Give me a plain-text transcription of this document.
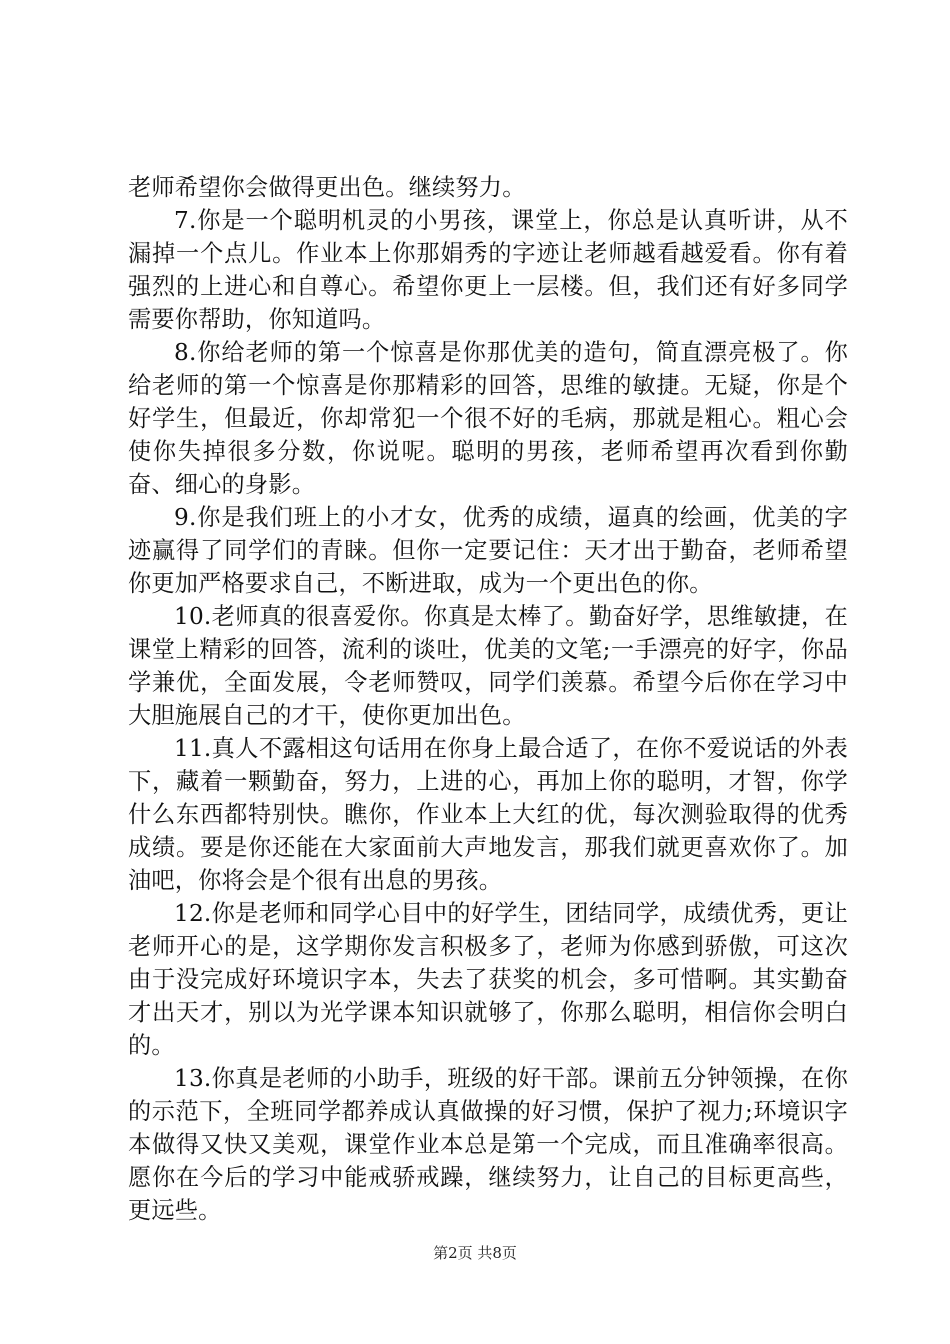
老师希望你会做得更出色。继续努力。

7.你是一个聪明机灵的小男孩，课堂上，你总是认真听讲，从不漏掉一个点儿。作业本上你那娟秀的字迹让老师越看越爱看。你有着强烈的上进心和自尊心。希望你更上一层楼。但，我们还有好多同学需要你帮助，你知道吗。

8.你给老师的第一个惊喜是你那优美的造句，简直漂亮极了。你给老师的第一个惊喜是你那精彩的回答，思维的敏捷。无疑，你是个好学生，但最近，你却常犯一个很不好的毛病，那就是粗心。粗心会使你失掉很多分数，你说呢。聪明的男孩，老师希望再次看到你勤奋、细心的身影。

9.你是我们班上的小才女，优秀的成绩，逼真的绘画，优美的字迹赢得了同学们的青睐。但你一定要记住：天才出于勤奋，老师希望你更加严格要求自己，不断进取，成为一个更出色的你。

10.老师真的很喜爱你。你真是太棒了。勤奋好学，思维敏捷，在课堂上精彩的回答，流利的谈吐，优美的文笔;一手漂亮的好字，你品学兼优，全面发展，令老师赞叹，同学们羡慕。希望今后你在学习中大胆施展自己的才干，使你更加出色。

11.真人不露相这句话用在你身上最合适了，在你不爱说话的外表下，藏着一颗勤奋，努力，上进的心，再加上你的聪明，才智，你学什么东西都特别快。瞧你，作业本上大红的优，每次测验取得的优秀成绩。要是你还能在大家面前大声地发言，那我们就更喜欢你了。加油吧，你将会是个很有出息的男孩。

12.你是老师和同学心目中的好学生，团结同学，成绩优秀，更让老师开心的是，这学期你发言积极多了，老师为你感到骄傲，可这次由于没完成好环境识字本，失去了获奖的机会，多可惜啊。其实勤奋才出天才，别以为光学课本知识就够了，你那么聪明，相信你会明白的。

13.你真是老师的小助手，班级的好干部。课前五分钟领操，在你的示范下，全班同学都养成认真做操的好习惯，保护了视力;环境识字本做得又快又美观，课堂作业本总是第一个完成，而且准确率很高。愿你在今后的学习中能戒骄戒躁，继续努力，让自己的目标更高些，更远些。

第2页 共8页
